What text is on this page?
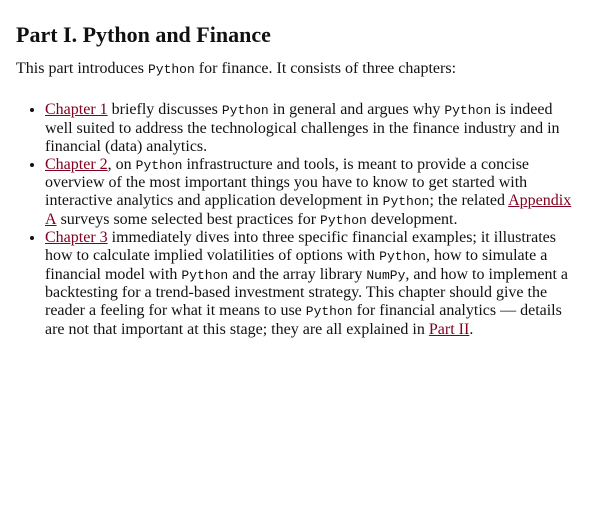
Part I. Python and Finance

This part introduces Python for finance. It consists of three chapters:

• Chapter 1 briefly discusses Python in general and argues why Python is indeed well suited to address the technological challenges in the finance industry and in financial (data) analytics.
• Chapter 2, on Python infrastructure and tools, is meant to provide a concise overview of the most important things you have to know to get started with interactive analytics and application development in Python; the related Appendix A surveys some selected best practices for Python development.
• Chapter 3 immediately dives into three specific financial examples; it illustrates how to calculate implied volatilities of options with Python, how to simulate a financial model with Python and the array library NumPy, and how to implement a backtesting for a trend-based investment strategy. This chapter should give the reader a feeling for what it means to use Python for financial analytics — details are not that important at this stage; they are all explained in Part II.
